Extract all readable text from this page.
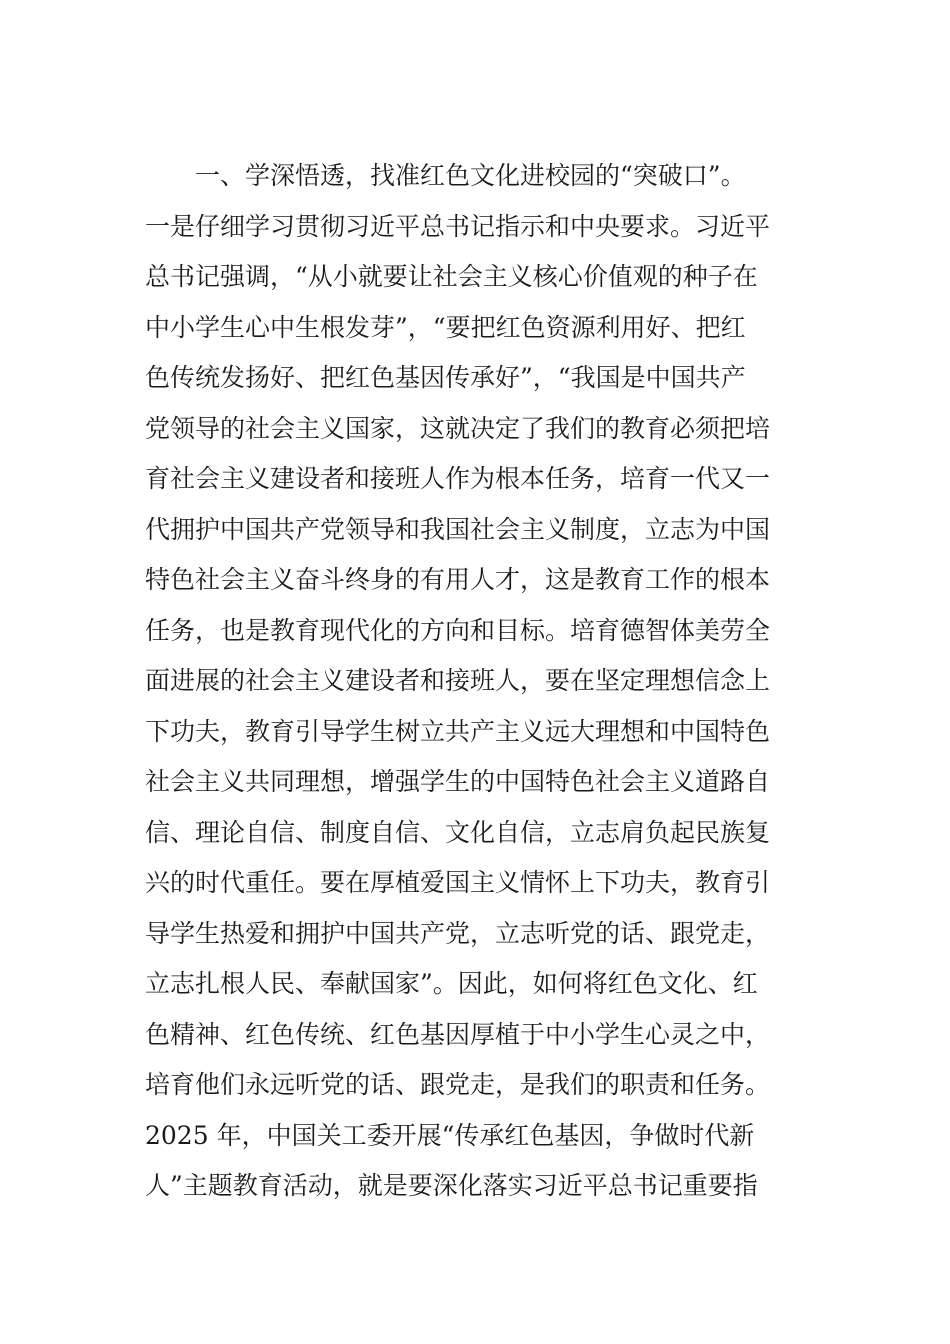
一、学深悟透，找准红色文化进校园的“突破口”。
一是仔细学习贯彻习近平总书记指示和中央要求。习近平
总书记强调，“从小就要让社会主义核心价值观的种子在
中小学生心中生根发芽”，“要把红色资源利用好、把红
色传统发扬好、把红色基因传承好”，“我国是中国共产
党领导的社会主义国家，这就决定了我们的教育必须把培
育社会主义建设者和接班人作为根本任务，培育一代又一
代拥护中国共产党领导和我国社会主义制度，立志为中国
特色社会主义奋斗终身的有用人才，这是教育工作的根本
任务，也是教育现代化的方向和目标。培育德智体美劳全
面进展的社会主义建设者和接班人，要在坚定理想信念上
下功夫，教育引导学生树立共产主义远大理想和中国特色
社会主义共同理想，增强学生的中国特色社会主义道路自
信、理论自信、制度自信、文化自信，立志肩负起民族复
兴的时代重任。要在厚植爱国主义情怀上下功夫，教育引
导学生热爱和拥护中国共产党，立志听党的话、跟党走，
立志扎根人民、奉献国家”。因此，如何将红色文化、红
色精神、红色传统、红色基因厚植于中小学生心灵之中，
培育他们永远听党的话、跟党走，是我们的职责和任务。
2025 年，中国关工委开展“传承红色基因，争做时代新
人”主题教育活动，就是要深化落实习近平总书记重要指
